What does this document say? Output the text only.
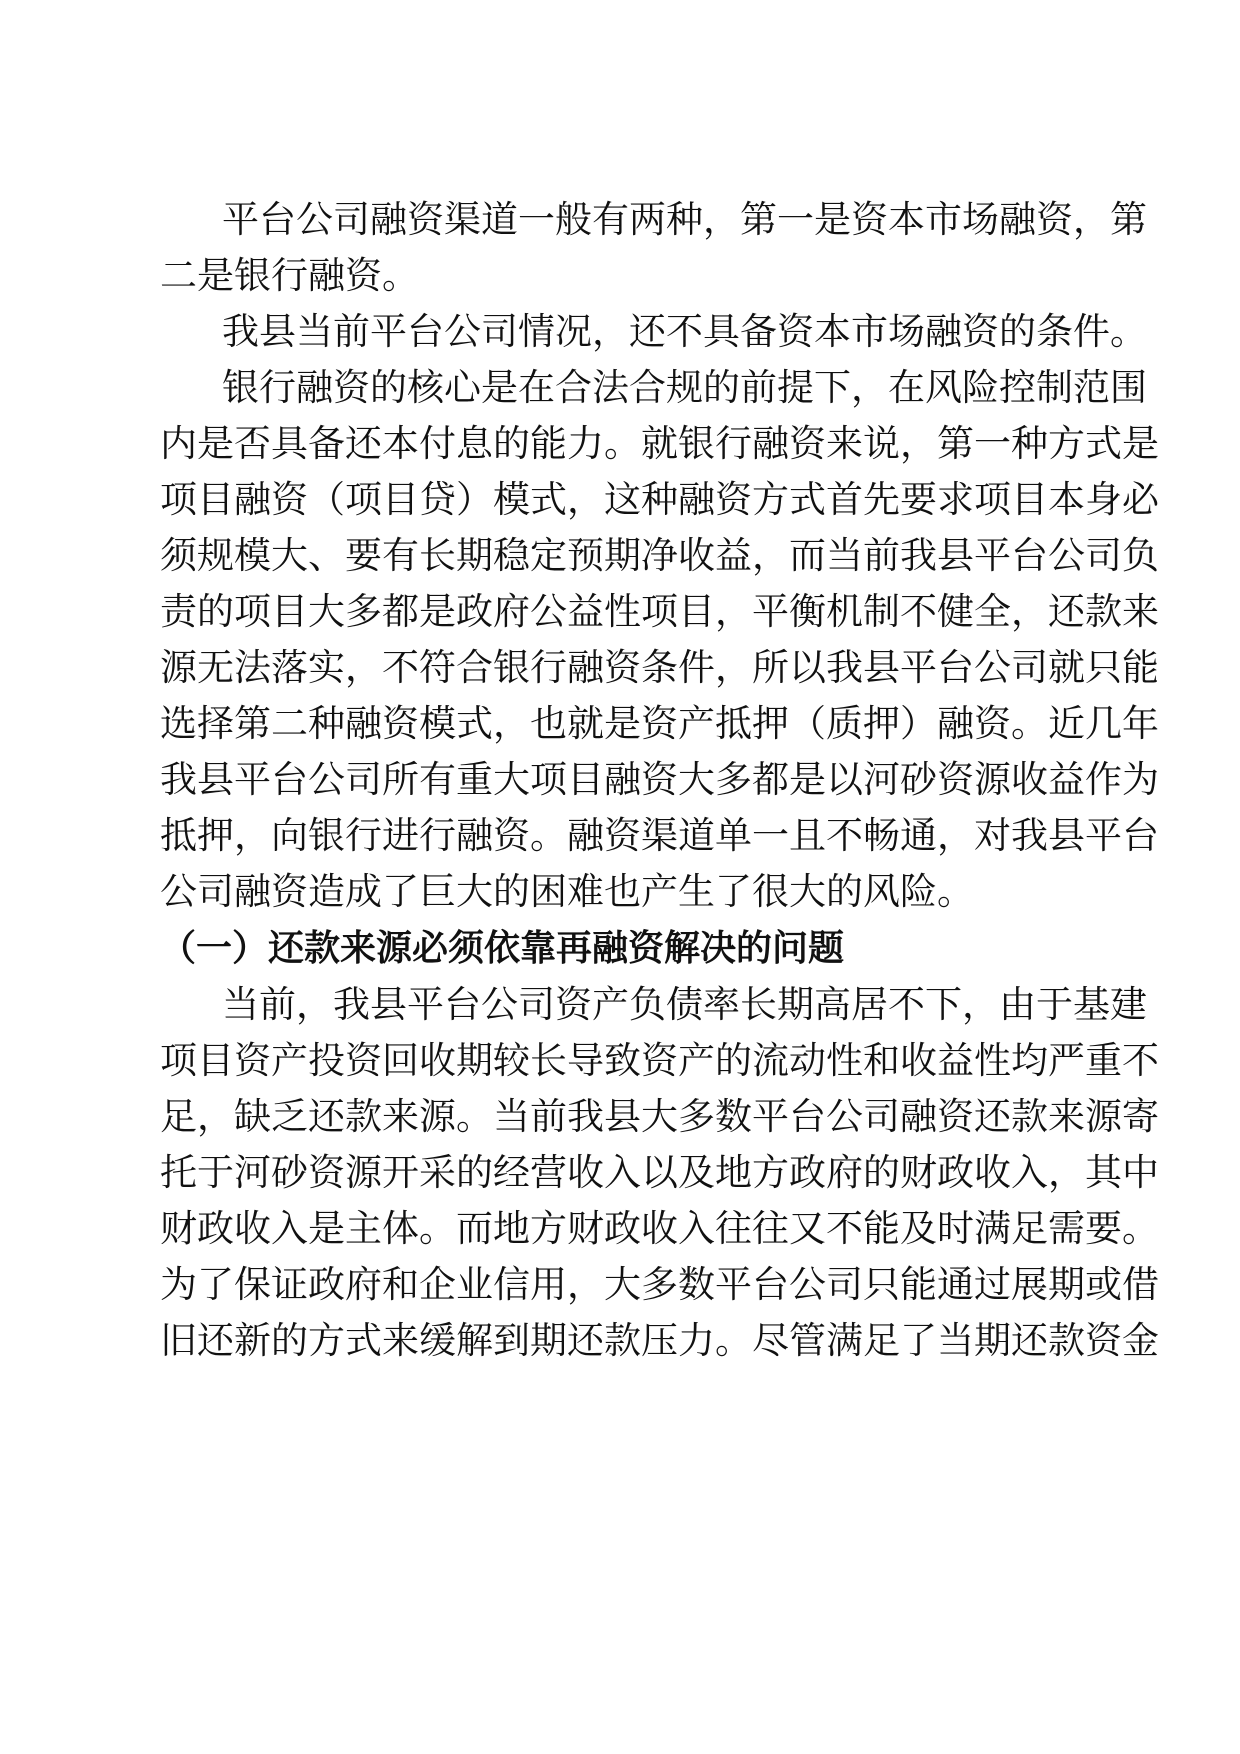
平 台 公 司 融 资 渠 道 一 般 有 两 种 ， 第 一 是 资 本 市 场 融 资 ， 第
二是银行融资。
我 县 当 前 平 台 公 司 情 况 ， 还 不 具 备 资 本 市 场 融 资 的 条 件 。
银 行 融 资 的 核 心 是 在 合 法 合 规 的 前 提 下 ， 在 风 险 控 制 范 围
内 是 否 具 备 还 本 付 息 的 能 力 。 就 银 行 融 资 来 说 ， 第 一 种 方 式 是
项 目 融 资 （ 项 目 贷 ） 模 式 ， 这 种 融 资 方 式 首 先 要 求 项 目 本 身 必
须 规 模 大 、 要 有 长 期 稳 定 预 期 净 收 益 ， 而 当 前 我 县 平 台 公 司 负
责 的 项 目 大 多 都 是 政 府 公 益 性 项 目 ， 平 衡 机 制 不 健 全 ， 还 款 来
源 无 法 落 实 ， 不 符 合 银 行 融 资 条 件 ， 所 以 我 县 平 台 公 司 就 只 能
选 择 第 二 种 融 资 模 式 ， 也 就 是 资 产 抵 押 （ 质 押 ） 融 资 。 近 几 年
我 县 平 台 公 司 所 有 重 大 项 目 融 资 大 多 都 是 以 河 砂 资 源 收 益 作 为
抵 押 ， 向 银 行 进 行 融 资 。 融 资 渠 道 单 一 且 不 畅 通 ， 对 我 县 平 台
公司融资造成了巨大的困难也产生了很大的风险。
（一）还款来源必须依靠再融资解决的问题
当 前 ， 我 县 平 台 公 司 资 产 负 债 率 长 期 高 居 不 下 ， 由 于 基 建
项 目 资 产 投 资 回 收 期 较 长 导 致 资 产 的 流 动 性 和 收 益 性 均 严 重 不
足 ， 缺 乏 还 款 来 源 。 当 前 我 县 大 多 数 平 台 公 司 融 资 还 款 来 源 寄
托 于 河 砂 资 源 开 采 的 经 营 收 入 以 及 地 方 政 府 的 财 政 收 入 ， 其 中
财 政 收 入 是 主 体 。 而 地 方 财 政 收 入 往 往 又 不 能 及 时 满 足 需 要 。
为 了 保 证 政 府 和 企 业 信 用 ， 大 多 数 平 台 公 司 只 能 通 过 展 期 或 借
旧 还 新 的 方 式 来 缓 解 到 期 还 款 压 力 。 尽 管 满 足 了 当 期 还 款 资 金
